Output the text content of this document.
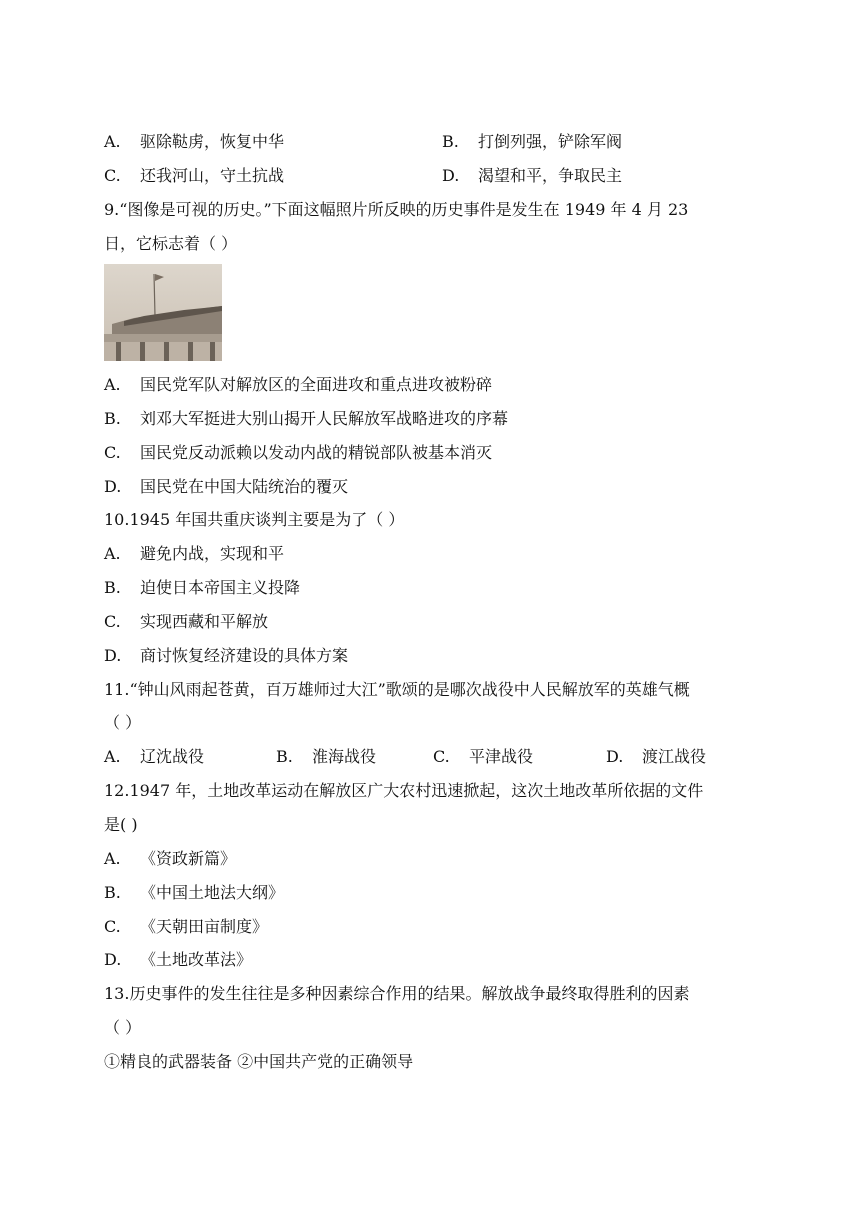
A. 驱除鞑虏，恢复中华	B. 打倒列强，铲除军阀
C. 还我河山，守土抗战	D. 渴望和平，争取民主
9.“图像是可视的历史。”下面这幅照片所反映的历史事件是发生在 1949 年 4 月 23
日，它标志着（ ）
A. 国民党军队对解放区的全面进攻和重点进攻被粉碎
B. 刘邓大军挺进大别山揭开人民解放军战略进攻的序幕
C. 国民党反动派赖以发动内战的精锐部队被基本消灭
D. 国民党在中国大陆统治的覆灭
10.1945 年国共重庆谈判主要是为了（ ）
A. 避免内战，实现和平
B. 迫使日本帝国主义投降
C. 实现西藏和平解放
D. 商讨恢复经济建设的具体方案
11.“钟山风雨起苍黄，百万雄师过大江”歌颂的是哪次战役中人民解放军的英雄气概
（ ）
A. 辽沈战役	B. 淮海战役	C. 平津战役	D. 渡江战役
12.1947 年，土地改革运动在解放区广大农村迅速掀起，这次土地改革所依据的文件
是( )
A. 《资政新篇》
B. 《中国土地法大纲》
C. 《天朝田亩制度》
D. 《土地改革法》
13.历史事件的发生往往是多种因素综合作用的结果。解放战争最终取得胜利的因素
（ ）
①精良的武器装备 ②中国共产党的正确领导
